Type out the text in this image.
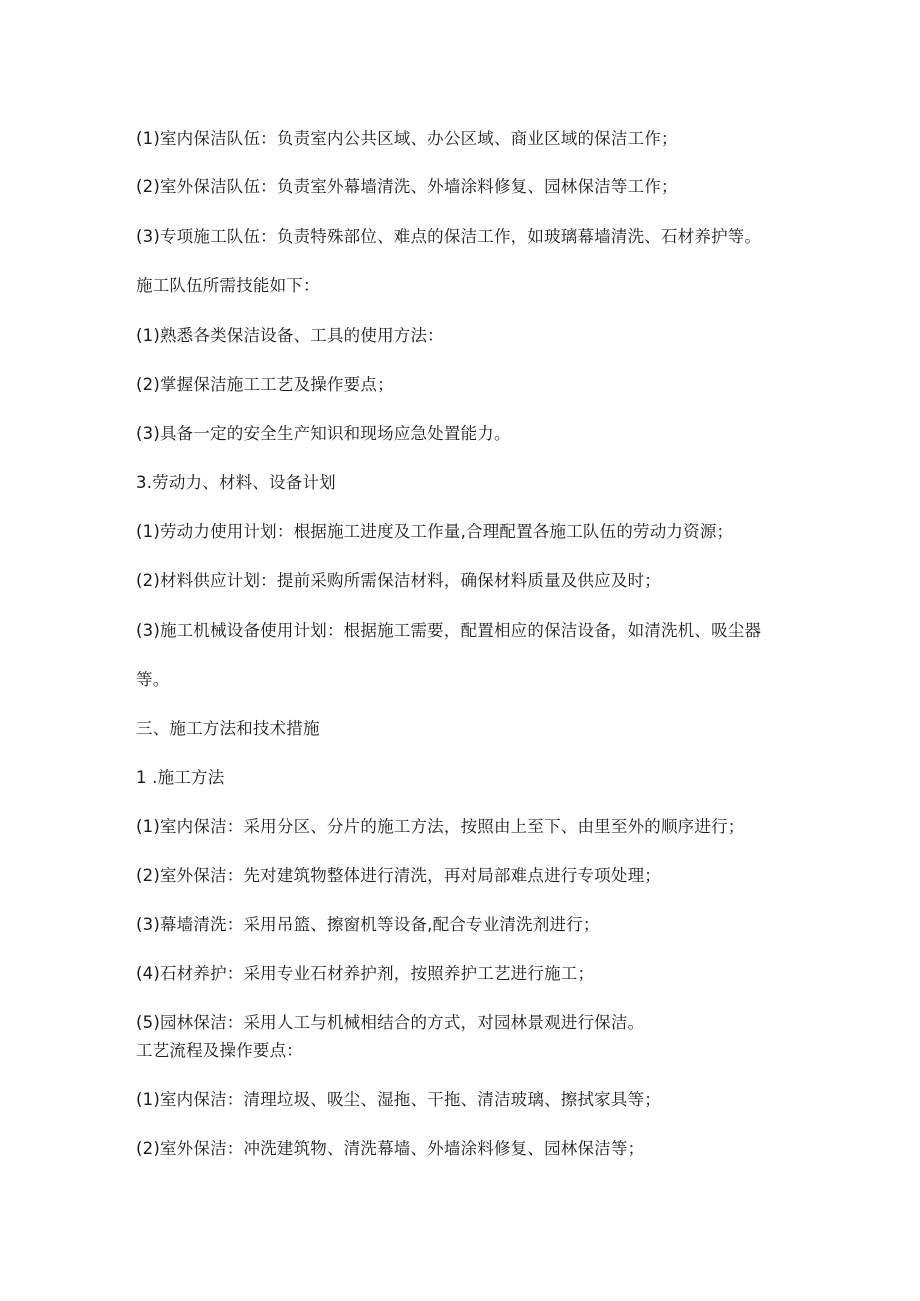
(1)室内保洁队伍：负责室内公共区域、办公区域、商业区域的保洁工作；
(2)室外保洁队伍：负责室外幕墙清洗、外墙涂料修复、园林保洁等工作；
(3)专项施工队伍：负责特殊部位、难点的保洁工作，如玻璃幕墙清洗、石材养护等。
施工队伍所需技能如下：
(1)熟悉各类保洁设备、工具的使用方法：
(2)掌握保洁施工工艺及操作要点；
(3)具备一定的安全生产知识和现场应急处置能力。
3.劳动力、材料、设备计划
(1)劳动力使用计划：根据施工进度及工作量,合理配置各施工队伍的劳动力资源；
(2)材料供应计划：提前采购所需保洁材料，确保材料质量及供应及时；
(3)施工机械设备使用计划：根据施工需要，配置相应的保洁设备，如清洗机、吸尘器
等。
三、施工方法和技术措施
1 .施工方法
(1)室内保洁：采用分区、分片的施工方法，按照由上至下、由里至外的顺序进行；
(2)室外保洁：先对建筑物整体进行清洗，再对局部难点进行专项处理；
(3)幕墙清洗：采用吊篮、擦窗机等设备,配合专业清洗剂进行；
(4)石材养护：采用专业石材养护剂，按照养护工艺进行施工；
(5)园林保洁：采用人工与机械相结合的方式，对园林景观进行保洁。
工艺流程及操作要点：
(1)室内保洁：清理垃圾、吸尘、湿拖、干拖、清洁玻璃、擦拭家具等；
(2)室外保洁：冲洗建筑物、清洗幕墙、外墙涂料修复、园林保洁等；
